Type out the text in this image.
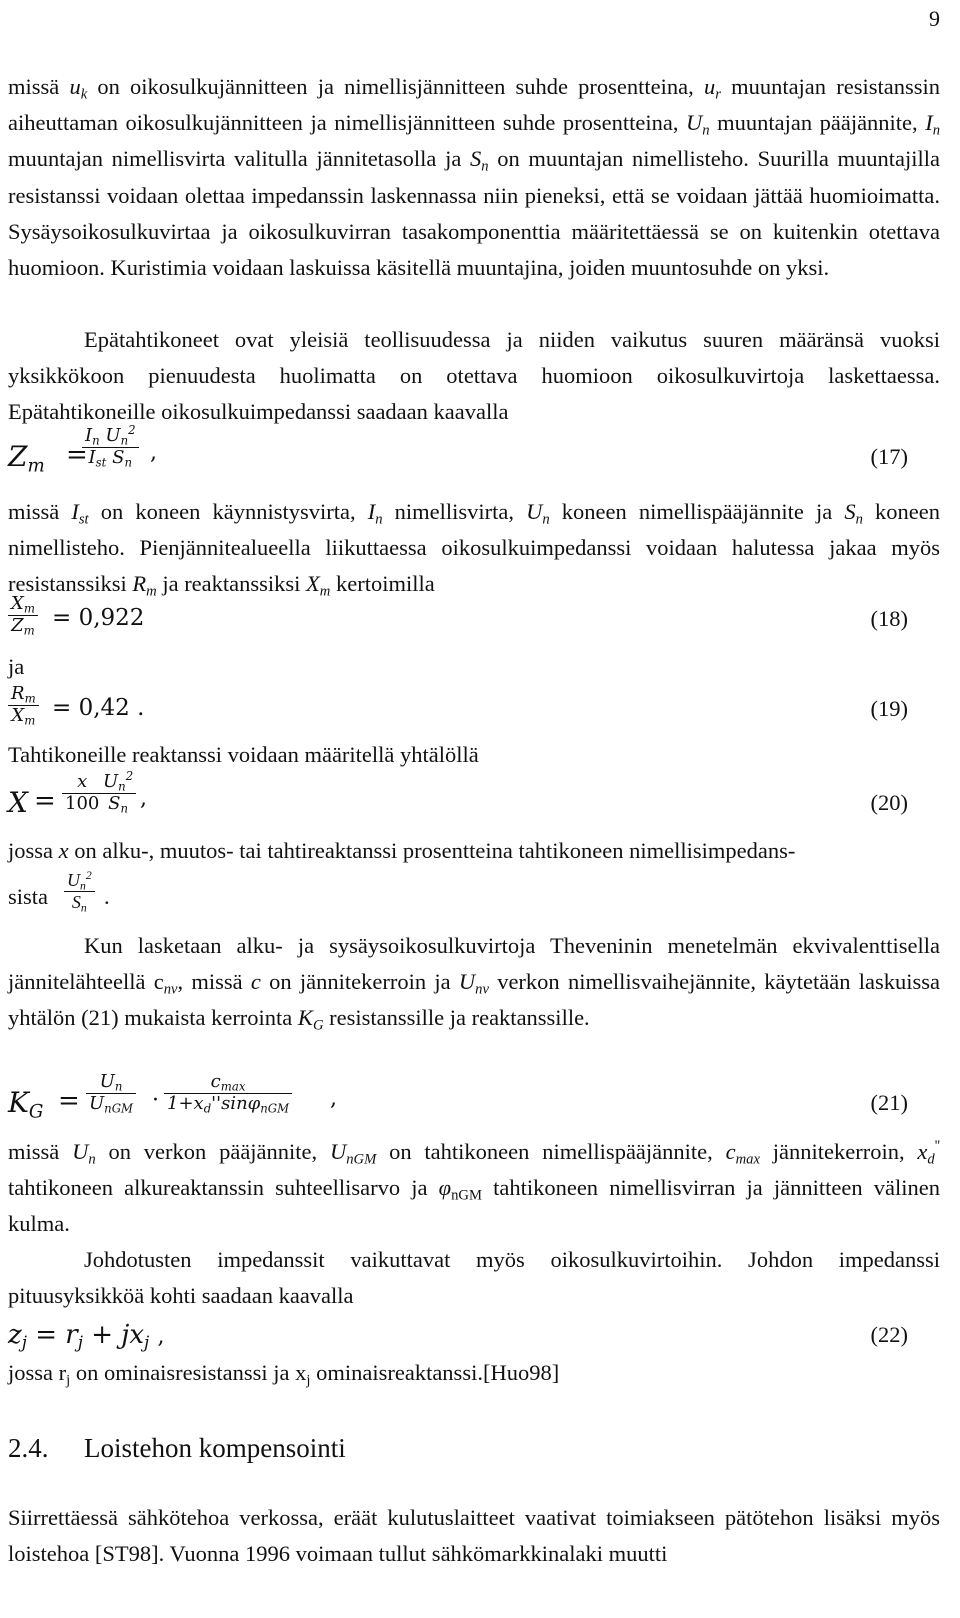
9

missä $u_k$ on oikosulkujännitteen ja nimellisjännitteen suhde prosentteina, $u_r$ muuntajan resistanssin aiheuttaman oikosulkujännitteen ja nimellisjännitteen suhde prosentteina, $U_n$ muuntajan pääjännite, $I_n$ muuntajan nimellisvirta valitulla jännitetasolla ja $S_n$ on muuntajan nimellisteho. Suurilla muuntajilla resistanssi voidaan olettaa impedanssin laskennassa niin pieneksi, että se voidaan jättää huomioimatta. Sysäysoikosulkuvirtaa ja oikosulkuvirran tasakomponenttia määritettäessä se on kuitenkin otettava huomioon. Kuristimia voidaan laskuissa käsitellä muuntajina, joiden muuntosuhde on yksi.

Epätahtikoneet ovat yleisiä teollisuudessa ja niiden vaikutus suuren määränsä vuoksi yksikkökoon pienuudesta huolimatta on otettava huomioon oikosulkuvirtoja laskettaessa. Epätahtikoneille oikosulkuimpedanssi saadaan kaavalla

$Z_m$ =
$I_n$ $U_n^2$
$I_{st}$ $S_n$ ,	(17)

missä $I_{st}$ on koneen käynnistysvirta, $I_n$ nimellisvirta, $U_n$ koneen nimellispääjännite ja $S_n$ koneen nimellisteho. Pienjännitealueella liikuttaessa oikosulkuimpedanssi voidaan halutessa jakaa myös resistanssiksi $R_m$ ja reaktanssiksi $X_m$ kertoimilla

$\frac{X_m}{Z_m} = 0,922$	(18)

ja

$\frac{R_m}{X_m} = 0,42$ .	(19)

Tahtikoneille reaktanssi voidaan määritellä yhtälöllä

$X = \frac{x}{100}$
$\frac{U_n^2}{S_n}$ ,	(20)

jossa x on alku-, muutos- tai tahtireaktanssi prosentteina tahtikoneen nimellisimpedans-

sista $\frac{U_n^2}{S_n}$ .

Kun lasketaan alku- ja sysäysoikosulkuvirtoja Theveninin menetelmän ekvivalenttisella jännitelähteellä $c_{nv}$, missä c on jännitekerroin ja $U_{nv}$ verkon nimellisvaihejännite, käytetään laskuissa yhtälön (21) mukaista kerrointa $K_G$ resistanssille ja reaktanssille.

$K_G$ =
$U_n$
$U_{nGM}$ ·
$c_{max}$
$1+x_d''\sin\varphi_{nGM}$ ,	(21)

missä $U_n$ on verkon pääjännite, $U_{nGM}$ on tahtikoneen nimellispääjännite, $c_{max}$ jännitekerroin, $x_d''$ tahtikoneen alkureaktanssin suhteellisarvo ja $\varphi_{nGM}$ tahtikoneen nimellisvirran ja jännitteen välinen kulma.

Johdotusten impedanssit vaikuttavat myös oikosulkuvirtoihin. Johdon impedanssi pituusyksikköä kohti saadaan kaavalla

$z_j = r_j + jx_j$ ,	(22)

jossa $r_j$ on ominaisresistanssi ja $x_j$ ominaisreaktanssi.[Huo98]

2.4. Loistehon kompensointi

Siirrettäessä sähkötehoa verkossa, eräät kulutuslaitteet vaativat toimiakseen pätötehon lisäksi myös loistehoa [ST98]. Vuonna 1996 voimaan tullut sähkömarkkinalaki muutti
